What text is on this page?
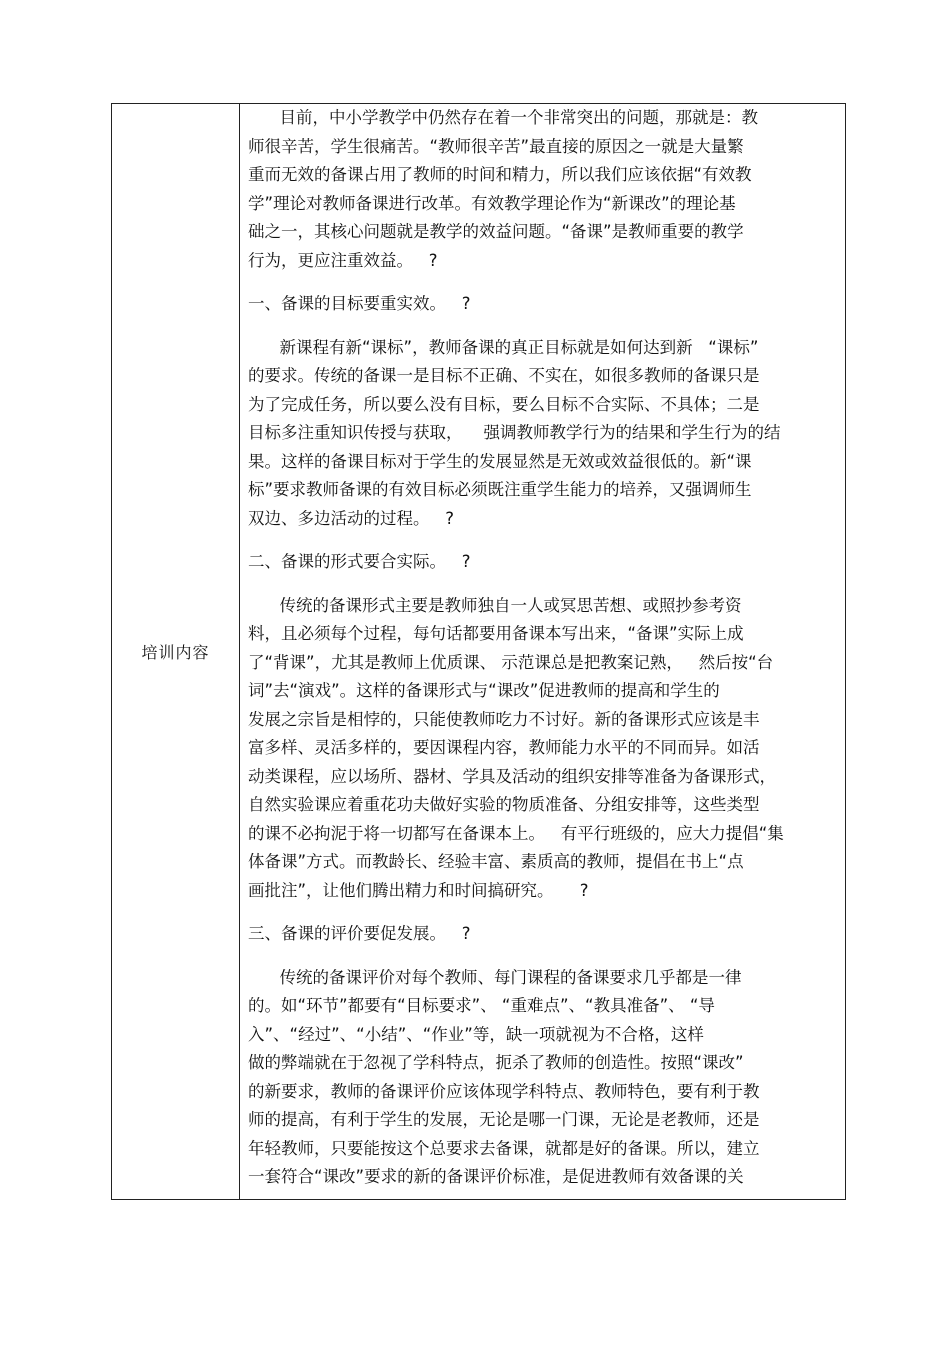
培训内容
目前，中小学教学中仍然存在着一个非常突出的问题，那就是：教
师很辛苦，学生很痛苦。“教师很辛苦”最直接的原因之一就是大量繁
重而无效的备课占用了教师的时间和精力，所以我们应该依据“有效教
学”理论对教师备课进行改革。有效教学理论作为“新课改”的理论基
础之一，其核心问题就是教学的效益问题。“备课”是教师重要的教学
行为，更应注重效益。   ?
一、备课的目标要重实效。   ?
新课程有新“课标”，教师备课的真正目标就是如何达到新   “课标”
的要求。传统的备课一是目标不正确、不实在，如很多教师的备课只是
为了完成任务，所以要么没有目标，要么目标不合实际、不具体；二是
目标多注重知识传授与获取，    强调教师教学行为的结果和学生行为的结
果。这样的备课目标对于学生的发展显然是无效或效益很低的。新“课
标”要求教师备课的有效目标必须既注重学生能力的培养，又强调师生
双边、多边活动的过程。   ?
二、备课的形式要合实际。   ?
传统的备课形式主要是教师独自一人或冥思苦想、或照抄参考资
料，且必须每个过程，每句话都要用备课本写出来，“备课”实际上成
了“背课”，尤其是教师上优质课、 示范课总是把教案记熟，   然后按“台
词”去“演戏”。这样的备课形式与“课改”促进教师的提高和学生的
发展之宗旨是相悖的，只能使教师吃力不讨好。新的备课形式应该是丰
富多样、灵活多样的，要因课程内容，教师能力水平的不同而异。如活
动类课程，应以场所、器材、学具及活动的组织安排等准备为备课形式，
自然实验课应着重花功夫做好实验的物质准备、分组安排等，这些类型
的课不必拘泥于将一切都写在备课本上。   有平行班级的，应大力提倡“集
体备课”方式。而教龄长、经验丰富、素质高的教师，提倡在书上“点
画批注”，让他们腾出精力和时间搞研究。     ?
三、备课的评价要促发展。   ?
传统的备课评价对每个教师、每门课程的备课要求几乎都是一律
的。如“环节”都要有“目标要求”、 “重难点”、“教具准备”、 “导
入”、“经过”、“小结”、“作业”等，缺一项就视为不合格，这样
做的弊端就在于忽视了学科特点，扼杀了教师的创造性。按照“课改”
的新要求，教师的备课评价应该体现学科特点、教师特色，要有利于教
师的提高，有利于学生的发展，无论是哪一门课，无论是老教师，还是
年轻教师，只要能按这个总要求去备课，就都是好的备课。所以，建立
一套符合“课改”要求的新的备课评价标准，是促进教师有效备课的关
